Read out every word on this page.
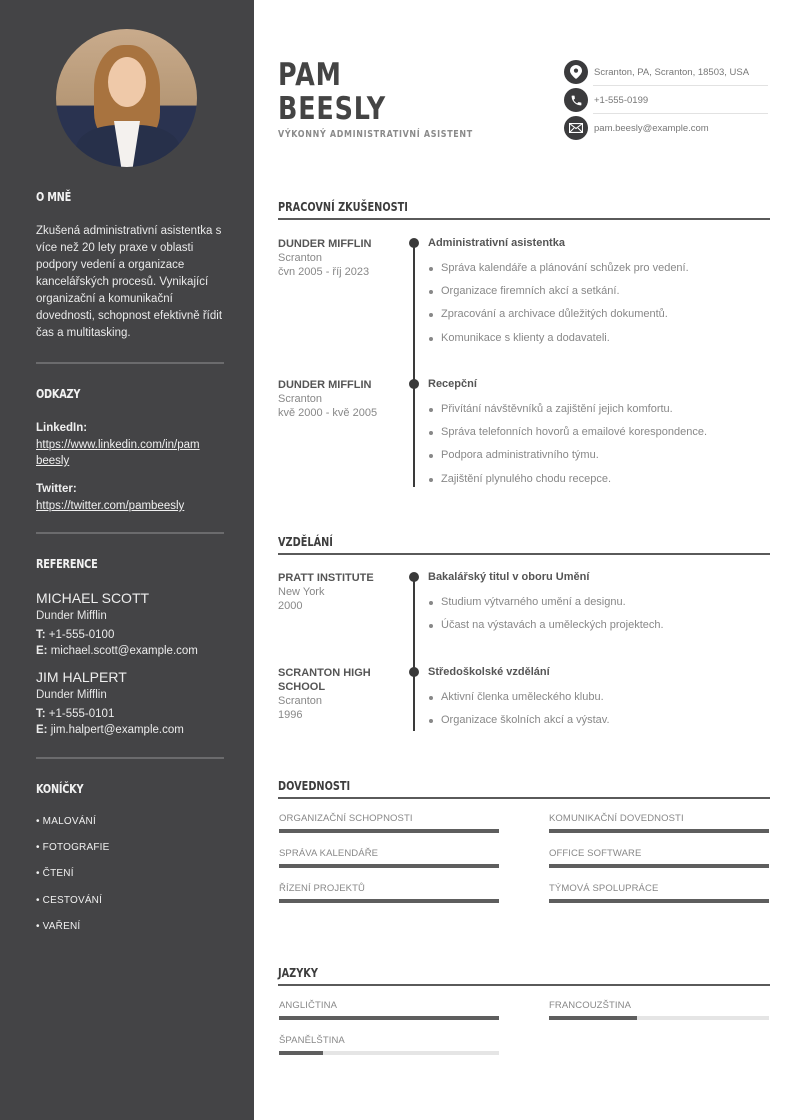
O MNĚ
Zkušená administrativní asistentka s více než 20 lety praxe v oblasti podpory vedení a organizace kancelářských procesů. Vynikající organizační a komunikační dovednosti, schopnost efektivně řídit čas a multitasking.
ODKAZY
LinkedIn:
https://www.linkedin.com/in/pam
beesly
Twitter:
https://twitter.com/pambeesly
REFERENCE
MICHAEL SCOTT
Dunder Mifflin
T: +1-555-0100
E: michael.scott@example.com
JIM HALPERT
Dunder Mifflin
T: +1-555-0101
E: jim.halpert@example.com
KONÍČKY
• MALOVÁNÍ
• FOTOGRAFIE
• ČTENÍ
• CESTOVÁNÍ
• VAŘENÍ
PAM
BEESLY
VÝKONNÝ ADMINISTRATIVNÍ ASISTENT
Scranton, PA, Scranton, 18503, USA
+1-555-0199
pam.beesly@example.com
PRACOVNÍ ZKUŠENOSTI
DUNDER MIFFLIN
Scranton
čvn 2005 - říj 2023
Administrativní asistentka
Správa kalendáře a plánování schůzek pro vedení.
Organizace firemních akcí a setkání.
Zpracování a archivace důležitých dokumentů.
Komunikace s klienty a dodavateli.
DUNDER MIFFLIN
Scranton
kvě 2000 - kvě 2005
Recepční
Přivítání návštěvníků a zajištění jejich komfortu.
Správa telefonních hovorů a emailové korespondence.
Podpora administrativního týmu.
Zajištění plynulého chodu recepce.
VZDĚLÁNÍ
PRATT INSTITUTE
New York
2000
Bakalářský titul v oboru Umění
Studium výtvarného umění a designu.
Účast na výstavách a uměleckých projektech.
SCRANTON HIGH
SCHOOL
Scranton
1996
Středoškolské vzdělání
Aktivní členka uměleckého klubu.
Organizace školních akcí a výstav.
DOVEDNOSTI
ORGANIZAČNÍ SCHOPNOSTI	KOMUNIKAČNÍ DOVEDNOSTI
SPRÁVA KALENDÁŘE	OFFICE SOFTWARE
ŘÍZENÍ PROJEKTŮ	TÝMOVÁ SPOLUPRÁCE
JAZYKY
ANGLIČTINA	FRANCOUZŠTINA
ŠPANĚLŠTINA
